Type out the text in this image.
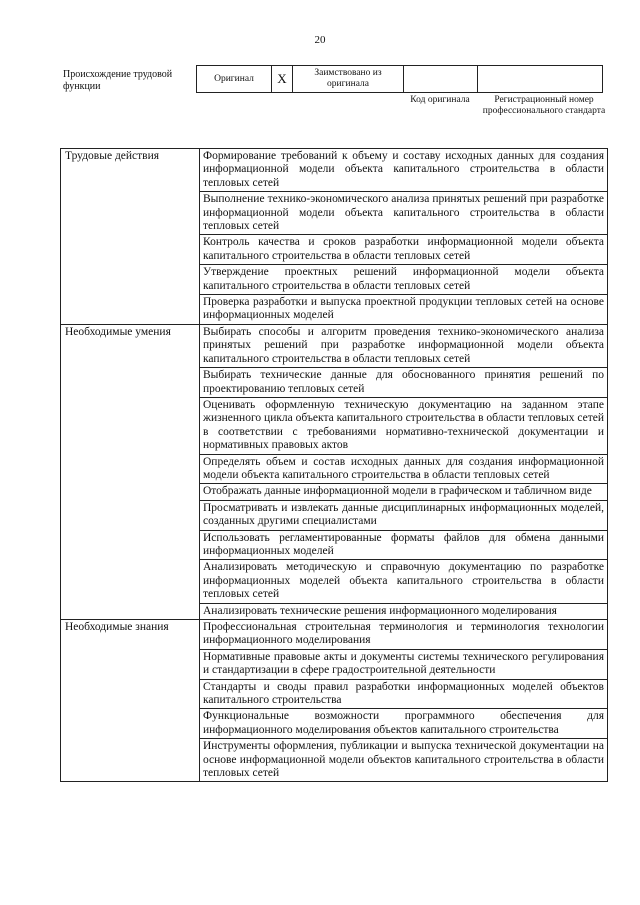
20
Происхождение трудовой функции
Оригинал	X	Заимствовано из оригинала		
Код оригинала	Регистрационный номер профессионального стандарта
Трудовые действия	Формирование требований к объему и составу исходных данных для создания информационной модели объекта капитального строительства в области тепловых сетей
	Выполнение технико-экономического анализа принятых решений при разработке информационной модели объекта капитального строительства в области тепловых сетей
	Контроль качества и сроков разработки информационной модели объекта капитального строительства в области тепловых сетей
	Утверждение проектных решений информационной модели объекта капитального строительства в области тепловых сетей
	Проверка разработки и выпуска проектной продукции тепловых сетей на основе информационных моделей
Необходимые умения	Выбирать способы и алгоритм проведения технико-экономического анализа принятых решений при разработке информационной модели объекта капитального строительства в области тепловых сетей
	Выбирать технические данные для обоснованного принятия решений по проектированию тепловых сетей
	Оценивать оформленную техническую документацию на заданном этапе жизненного цикла объекта капитального строительства в области тепловых сетей в соответствии с требованиями нормативно-технической документации и нормативных правовых актов
	Определять объем и состав исходных данных для создания информационной модели объекта капитального строительства в области тепловых сетей
	Отображать данные информационной модели в графическом и табличном виде
	Просматривать и извлекать данные дисциплинарных информационных моделей, созданных другими специалистами
	Использовать регламентированные форматы файлов для обмена данными информационных моделей
	Анализировать методическую и справочную документацию по разработке информационных моделей объекта капитального строительства в области тепловых сетей
	Анализировать технические решения информационного моделирования
Необходимые знания	Профессиональная строительная терминология и терминология технологии информационного моделирования
	Нормативные правовые акты и документы системы технического регулирования и стандартизации в сфере градостроительной деятельности
	Стандарты и своды правил разработки информационных моделей объектов капитального строительства
	Функциональные возможности программного обеспечения для информационного моделирования объектов капитального строительства
	Инструменты оформления, публикации и выпуска технической документации на основе информационной модели объектов капитального строительства в области тепловых сетей
